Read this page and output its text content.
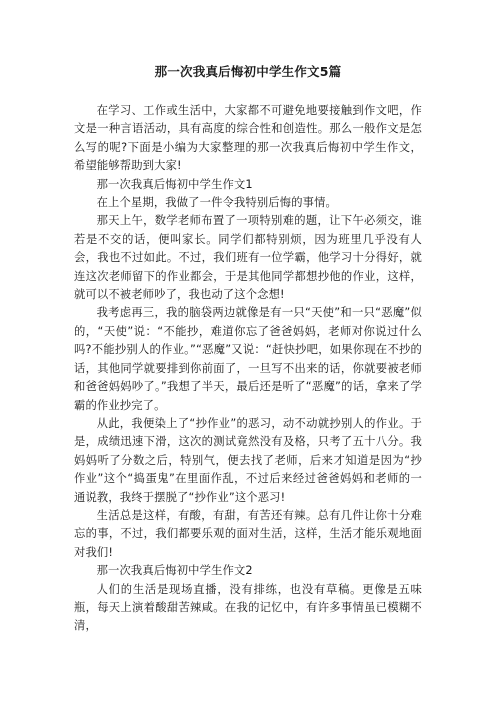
那一次我真后悔初中学生作文5篇

在学习、工作或生活中，大家都不可避免地要接触到作文吧，作文是一种言语活动，具有高度的综合性和创造性。那么一般作文是怎么写的呢?下面是小编为大家整理的那一次我真后悔初中学生作文，希望能够帮助到大家!

那一次我真后悔初中学生作文1

在上个星期，我做了一件令我特别后悔的事情。

那天上午，数学老师布置了一项特别难的题，让下午必须交，谁若是不交的话，便叫家长。同学们都特别烦，因为班里几乎没有人会，我也不过如此。不过，我们班有一位学霸，他学习十分得好，就连这次老师留下的作业都会，于是其他同学都想抄他的作业，这样，就可以不被老师吵了，我也动了这个念想!

我考虑再三，我的脑袋两边就像是有一只“天使”和一只“恶魔”似的，“天使”说：“不能抄，难道你忘了爸爸妈妈，老师对你说过什么吗?不能抄别人的作业。”“恶魔”又说：“赶快抄吧，如果你现在不抄的话，其他同学就要排到你前面了，一旦写不出来的话，你就要被老师和爸爸妈妈吵了。”我想了半天，最后还是听了“恶魔”的话，拿来了学霸的作业抄完了。

从此，我便染上了“抄作业”的恶习，动不动就抄别人的作业。于是，成绩迅速下滑，这次的测试竟然没有及格，只考了五十八分。我妈妈听了分数之后，特别气，便去找了老师，后来才知道是因为“抄作业”这个“捣蛋鬼”在里面作乱，不过后来经过爸爸妈妈和老师的一通说教，我终于摆脱了“抄作业”这个恶习!

生活总是这样，有酸，有甜，有苦还有辣。总有几件让你十分难忘的事，不过，我们都要乐观的面对生活，这样，生活才能乐观地面对我们!

那一次我真后悔初中学生作文2

人们的生活是现场直播，没有排练，也没有草稿。更像是五味瓶，每天上演着酸甜苦辣咸。在我的记忆中，有许多事情虽已模糊不清，
